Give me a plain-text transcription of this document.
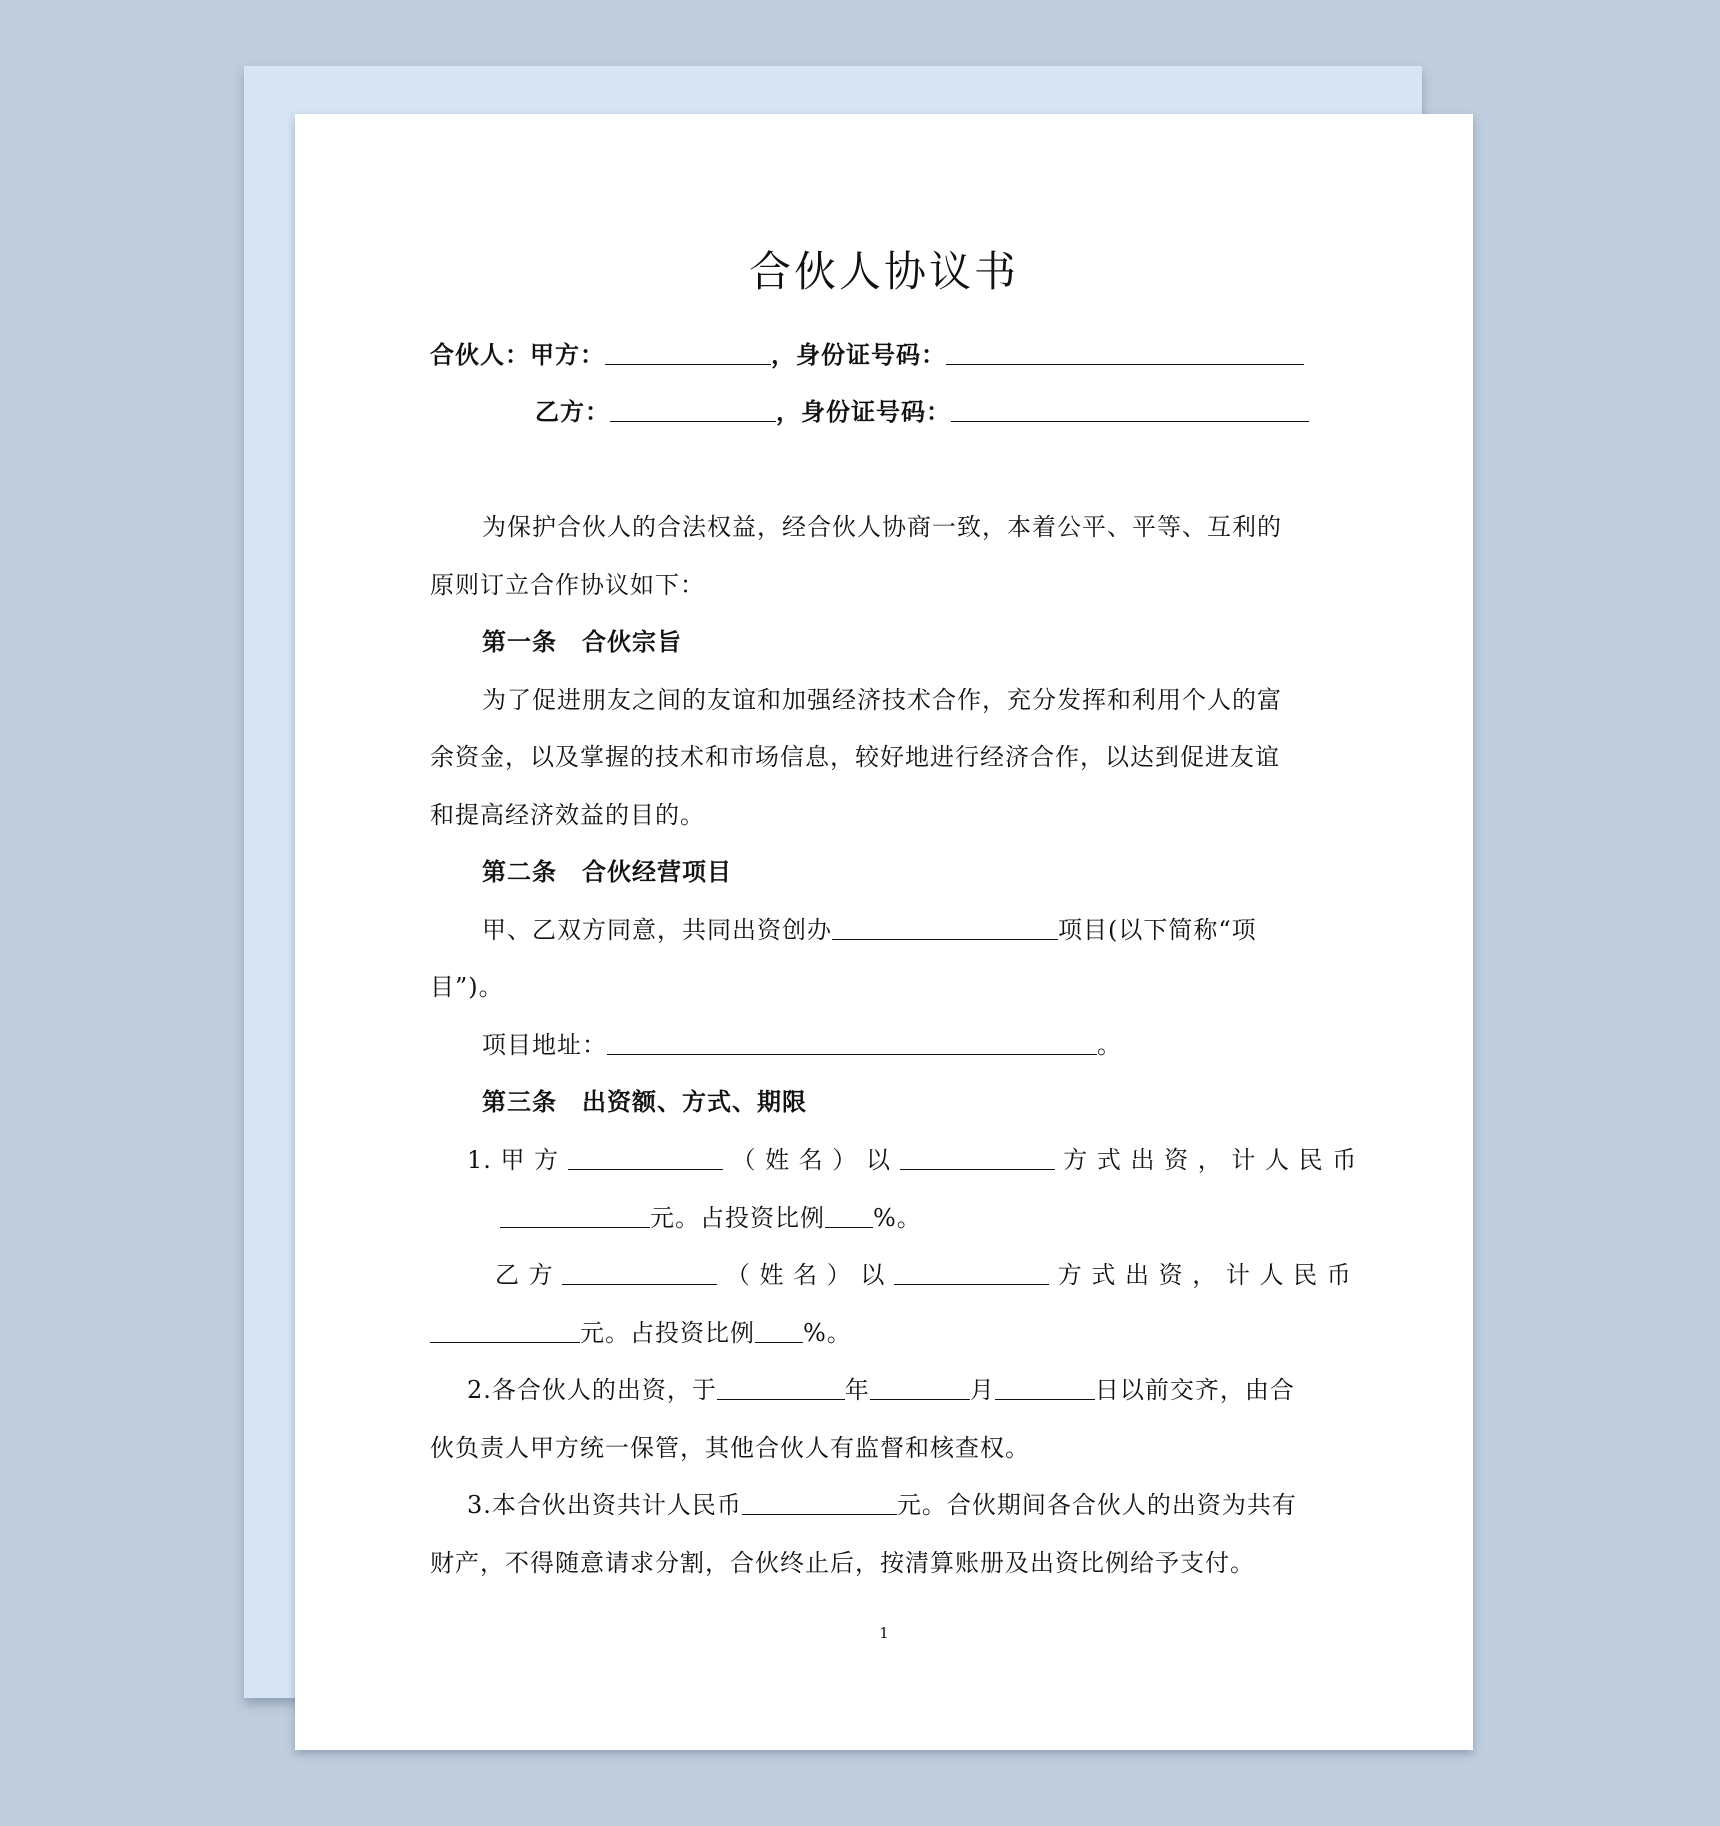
合伙人协议书
合伙人：甲方：	，身份证号码：
乙方：	，身份证号码：
为保护合伙人的合法权益，经合伙人协商一致，本着公平、平等、互利的
原则订立合作协议如下：
第一条　合伙宗旨
为了促进朋友之间的友谊和加强经济技术合作，充分发挥和利用个人的富
余资金，以及掌握的技术和市场信息，较好地进行经济合作，以达到促进友谊
和提高经济效益的目的。
第二条　合伙经营项目
甲、乙双方同意，共同出资创办	项目(以下简称“项
目”)。
项目地址：	。
第三条　出资额、方式、期限
1. 甲 方	（ 姓 名 ） 以	方 式 出 资 ， 计 人 民 币
元。占投资比例 %。
乙 方	（ 姓 名 ） 以	方 式 出 资 ， 计 人 民 币
元。占投资比例 %。
2.各合伙人的出资，于	年	月	日以前交齐，由合
伙负责人甲方统一保管，其他合伙人有监督和核查权。
3.本合伙出资共计人民币	元。合伙期间各合伙人的出资为共有
财产，不得随意请求分割，合伙终止后，按清算账册及出资比例给予支付。
1
